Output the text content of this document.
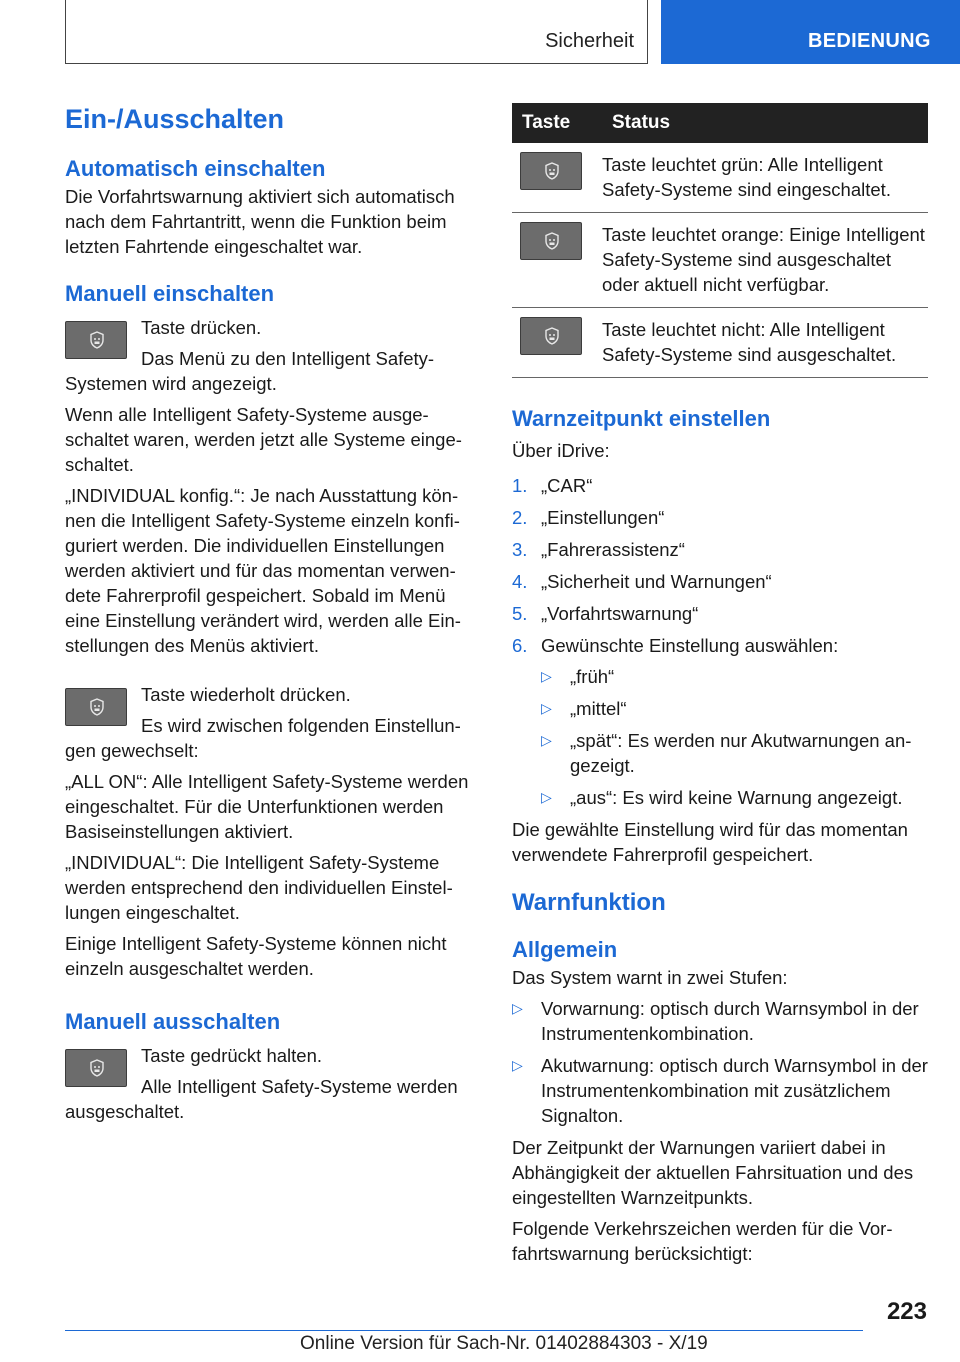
Sicherheit	BEDIENUNG
Ein-/Ausschalten
Automatisch einschalten

Die Vorfahrtswarnung aktiviert sich automatisch nach dem Fahrtantritt, wenn die Funktion beim letzten Fahrtende eingeschaltet war.

Manuell einschalten

Taste drücken.

Das Menü zu den Intelligent Safety-Systemen wird angezeigt.

Wenn alle Intelligent Safety-Systeme ausgeschaltet waren, werden jetzt alle Systeme eingeschaltet.

„INDIVIDUAL konfig.“: Je nach Ausstattung können die Intelligent Safety-Systeme einzeln konfiguriert werden. Die individuellen Einstellungen werden aktiviert und für das momentan verwendete Fahrerprofil gespeichert. Sobald im Menü eine Einstellung verändert wird, werden alle Einstellungen des Menüs aktiviert.

Taste wiederholt drücken.

Es wird zwischen folgenden Einstellungen gewechselt:

„ALL ON“: Alle Intelligent Safety-Systeme werden eingeschaltet. Für die Unterfunktionen werden Basiseinstellungen aktiviert.

„INDIVIDUAL“: Die Intelligent Safety-Systeme werden entsprechend den individuellen Einstellungen eingeschaltet.

Einige Intelligent Safety-Systeme können nicht einzeln ausgeschaltet werden.

Manuell ausschalten

Taste gedrückt halten.

Alle Intelligent Safety-Systeme werden ausgeschaltet.

Taste	Status

	Taste leuchtet grün: Alle Intelligent Safety-Systeme sind eingeschaltet.

	Taste leuchtet orange: Einige Intelligent Safety-Systeme sind ausgeschaltet oder aktuell nicht verfügbar.

	Taste leuchtet nicht: Alle Intelligent Safety-Systeme sind ausgeschaltet.
Warnzeitpunkt einstellen

Über iDrive:

1. „CAR“
2. „Einstellungen“
3. „Fahrerassistenz“
4. „Sicherheit und Warnungen“
5. „Vorfahrtswarnung“
6. Gewünschte Einstellung auswählen:
▷ „früh“
▷ „mittel“
▷ „spät“: Es werden nur Akutwarnungen angezeigt.
▷ „aus“: Es wird keine Warnung angezeigt.

Die gewählte Einstellung wird für das momentan verwendete Fahrerprofil gespeichert.

Warnfunktion
Allgemein

Das System warnt in zwei Stufen:

▷ Vorwarnung: optisch durch Warnsymbol in der Instrumentenkombination.
▷ Akutwarnung: optisch durch Warnsymbol in der Instrumentenkombination mit zusätzlichem Signalton.

Der Zeitpunkt der Warnungen variiert dabei in Abhängigkeit der aktuellen Fahrsituation und des eingestellten Warnzeitpunkts.

Folgende Verkehrszeichen werden für die Vorfahrtswarnung berücksichtigt:

223
Online Version für Sach-Nr. 01402884303 - X/19
